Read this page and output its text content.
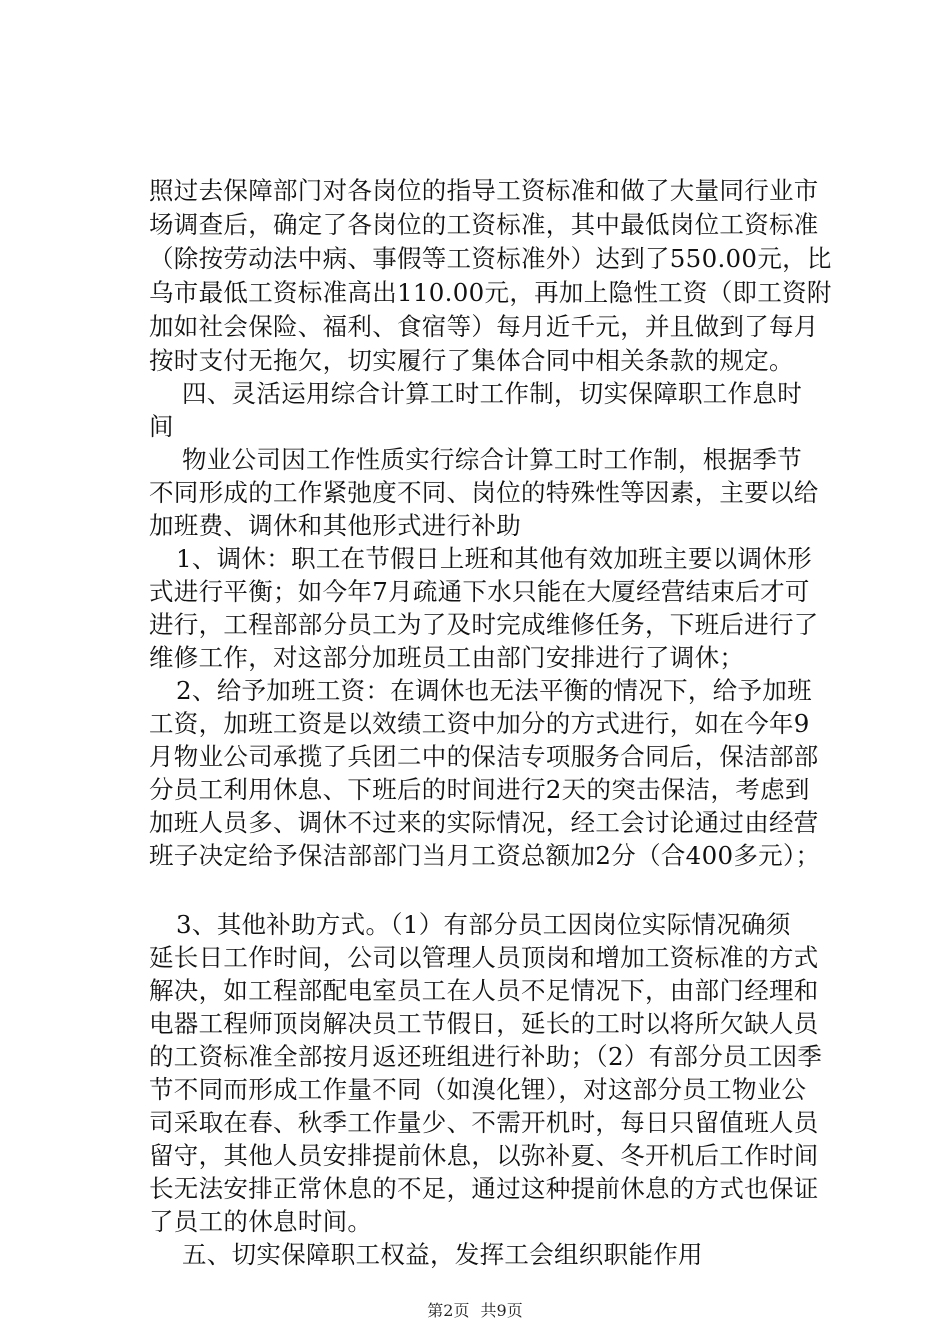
照过去保障部门对各岗位的指导工资标准和做了大量同行业市
场调查后，确定了各岗位的工资标准，其中最低岗位工资标准
（除按劳动法中病、事假等工资标准外）达到了550.00元，比
乌市最低工资标准高出110.00元，再加上隐性工资（即工资附
加如社会保险、福利、食宿等）每月近千元，并且做到了每月
按时支付无拖欠，切实履行了集体合同中相关条款的规定。
四、灵活运用综合计算工时工作制，切实保障职工作息时
间
物业公司因工作性质实行综合计算工时工作制，根据季节
不同形成的工作紧弛度不同、岗位的特殊性等因素，主要以给
加班费、调休和其他形式进行补助
1、调休：职工在节假日上班和其他有效加班主要以调休形
式进行平衡；如今年7月疏通下水只能在大厦经营结束后才可
进行，工程部部分员工为了及时完成维修任务，下班后进行了
维修工作，对这部分加班员工由部门安排进行了调休；
2、给予加班工资：在调休也无法平衡的情况下，给予加班
工资，加班工资是以效绩工资中加分的方式进行，如在今年9
月物业公司承揽了兵团二中的保洁专项服务合同后，保洁部部
分员工利用休息、下班后的时间进行2天的突击保洁，考虑到
加班人员多、调休不过来的实际情况，经工会讨论通过由经营
班子决定给予保洁部部门当月工资总额加2分（合400多元）；
3、其他补助方式。（1）有部分员工因岗位实际情况确须
延长日工作时间，公司以管理人员顶岗和增加工资标准的方式
解决，如工程部配电室员工在人员不足情况下，由部门经理和
电器工程师顶岗解决员工节假日，延长的工时以将所欠缺人员
的工资标准全部按月返还班组进行补助；（2）有部分员工因季
节不同而形成工作量不同（如溴化锂），对这部分员工物业公
司采取在春、秋季工作量少、不需开机时，每日只留值班人员
留守，其他人员安排提前休息，以弥补夏、冬开机后工作时间
长无法安排正常休息的不足，通过这种提前休息的方式也保证
了员工的休息时间。
五、切实保障职工权益，发挥工会组织职能作用
第2页 共9页
